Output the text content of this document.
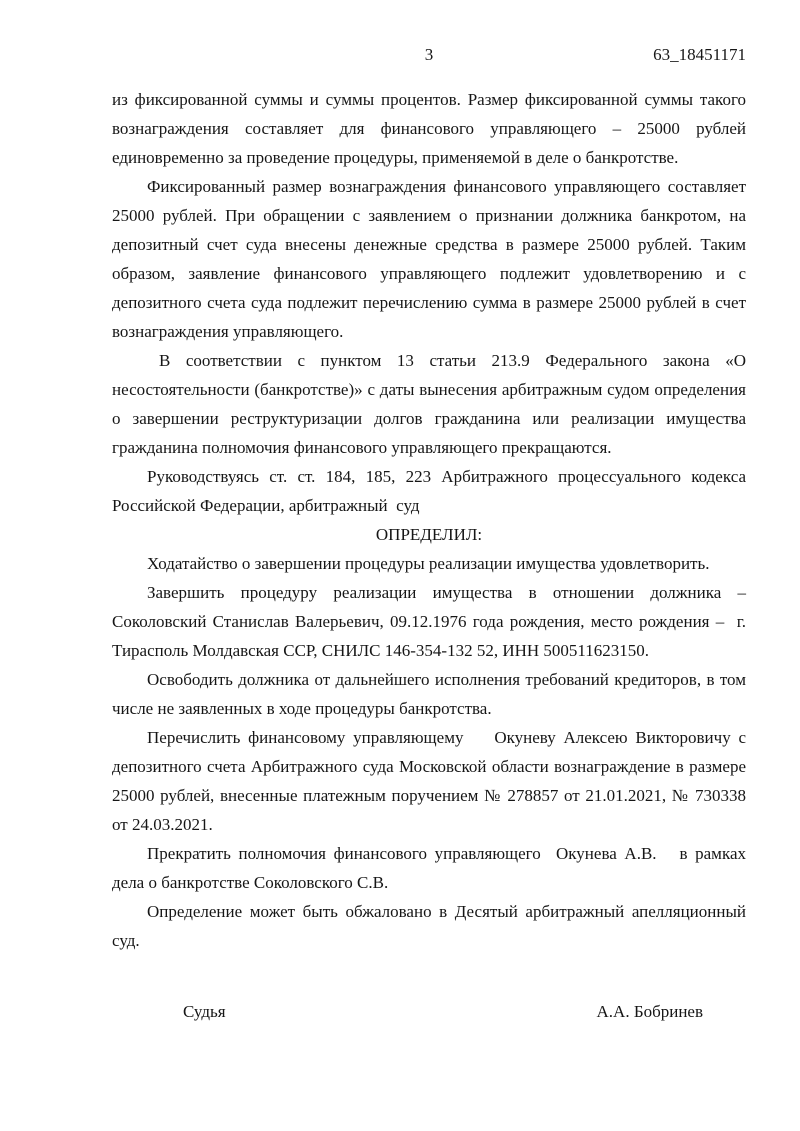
3	63_18451171

из фиксированной суммы и суммы процентов. Размер фиксированной суммы такого вознаграждения составляет для финансового управляющего – 25000 рублей единовременно за проведение процедуры, применяемой в деле о банкротстве.

Фиксированный размер вознаграждения финансового управляющего составляет 25000 рублей. При обращении с заявлением о признании должника банкротом, на депозитный счет суда внесены денежные средства в размере 25000 рублей. Таким образом, заявление финансового управляющего подлежит удовлетворению и с депозитного счета суда подлежит перечислению сумма в размере 25000 рублей в счет вознаграждения управляющего.

В соответствии с пунктом 13 статьи 213.9 Федерального закона «О несостоятельности (банкротстве)» с даты вынесения арбитражным судом определения о завершении реструктуризации долгов гражданина или реализации имущества гражданина полномочия финансового управляющего прекращаются.

Руководствуясь ст. ст. 184, 185, 223 Арбитражного процессуального кодекса Российской Федерации, арбитражный  суд

ОПРЕДЕЛИЛ:

Ходатайство о завершении процедуры реализации имущества удовлетворить.

Завершить процедуру реализации имущества в отношении должника – Соколовский Станислав Валерьевич, 09.12.1976 года рождения, место рождения –  г. Тирасполь Молдавская ССР, СНИЛС 146-354-132 52, ИНН 500511623150.

Освободить должника от дальнейшего исполнения требований кредиторов, в том числе не заявленных в ходе процедуры банкротства.

Перечислить финансовому управляющему    Окуневу Алексею Викторовичу с депозитного счета Арбитражного суда Московской области вознаграждение в размере 25000 рублей, внесенные платежным поручением № 278857 от 21.01.2021, № 730338 от 24.03.2021.

Прекратить полномочия финансового управляющего  Окунева А.В.   в рамках дела о банкротстве Соколовского С.В.

Определение может быть обжаловано в Десятый арбитражный апелляционный суд.

Судья	А.А. Бобринев
